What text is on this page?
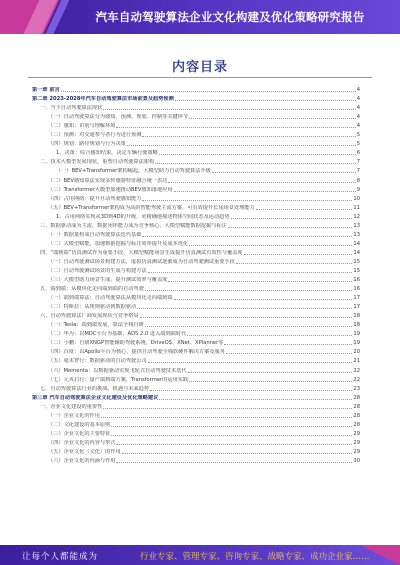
汽车自动驾驶算法企业文化构建及优化策略研究报告
内容目录
第一章 前言	4
第二章 2023-2028年汽车自动驾驶算法市场前景及趋势预测	4
一、当下自动驾驶算法现状	4
（一）自动驾驶算法分为感知、预测、规划、控制等关键环节	4
（二）感知：识别与理解环境	4
（三）预测：对交通参与者行为进行预测	5
（四）规划：路径规划与行为决策	5
1、决策：综合感知结果，决定车辆行驶策略	6
二、技术大模型发展现状，重塑自动驾驶算法架构	7
（一）BEV+Transformer架构崛起，大模型助力自动驾驶算法升级	7
（二）BEV感知算法实现多传感器特征融合统一表达	8
（三）Transformer大模型加速推动BEV感知落地应用	9
（四）占用网络：提升自动驾驶感知能力	10
（五）BEV+Transformer架构成为高阶智能驾驶主流方案，可有效提升长尾场景处理能力	11
1、占用网络实现从3D到4D的升级，更精确地描述物体空间状态及运动趋势	12
三、数据驱动成为主流，数据闭环能力成为竞争核心，大模型赋能数据挖掘与标注	13
（一）数据量构成自动驾驶算法迭代基础	13
（二）大模型赋能，加速数据挖掘与标注效率提升及成本优化	14
四、“端到端”仿真测试作为重要手段，大模型赋能场景生成提升仿真测试有效性与覆盖度	14
（一）自动驾驶测试场景构建方法，虚拟仿真测试逐渐成为自动驾驶测试重要手段	15
（二）自动驾驶测试场景的生成与构建方法	15
（三）大模型助力场景生成，提升测试效率与覆盖度	16
五、端到端：从模块化走向端到端的自动驾驶	16
（一）端到端算法：自动驾驶算法从模块化走向端到端	17
（二）特斯拉：从规则驱动到数据驱动	17
六、自动驾驶算法厂商发展现状与竞争格局	18
（一）Tesla：端到端发展，算法全栈自研	18
（二）华为：以MDC平台为基础，ADS 2.0 进入端到端时代	19
（三）小鹏：自研XNGP智能辅助驾驶系统，DriveOS、XNet、XPlanner等	19
（四）百度：以Apollo平台为核心，提供自动驾驶全栈软硬件解决方案及服务	20
（五）毫末智行：数据驱动的自动驾驶公司	21
（六）Momenta：以数据驱动实现飞轮式自动驾驶技术迭代	22
（七）元戎启行：量产端到端方案，Transformer的运用实践	22
七、自动驾驶算法行业的挑战、机遇与未来趋势	23
第三章 汽车自动驾驶算法企业文化建设及优化策略建议	28
一、企业文化建设的重要性	28
（一）企业文化的作用	28
（二）文化建设的基本原则	28
（三）企业文化的主要特征	29
（四）企业文化的内容与形式	29
（五）企业文化（文化）的作用	29
（六）企业文化的内涵与作用	30
让每个人都能成为	行业专家、管理专家、咨询专家、战略专家、成功企业家……
